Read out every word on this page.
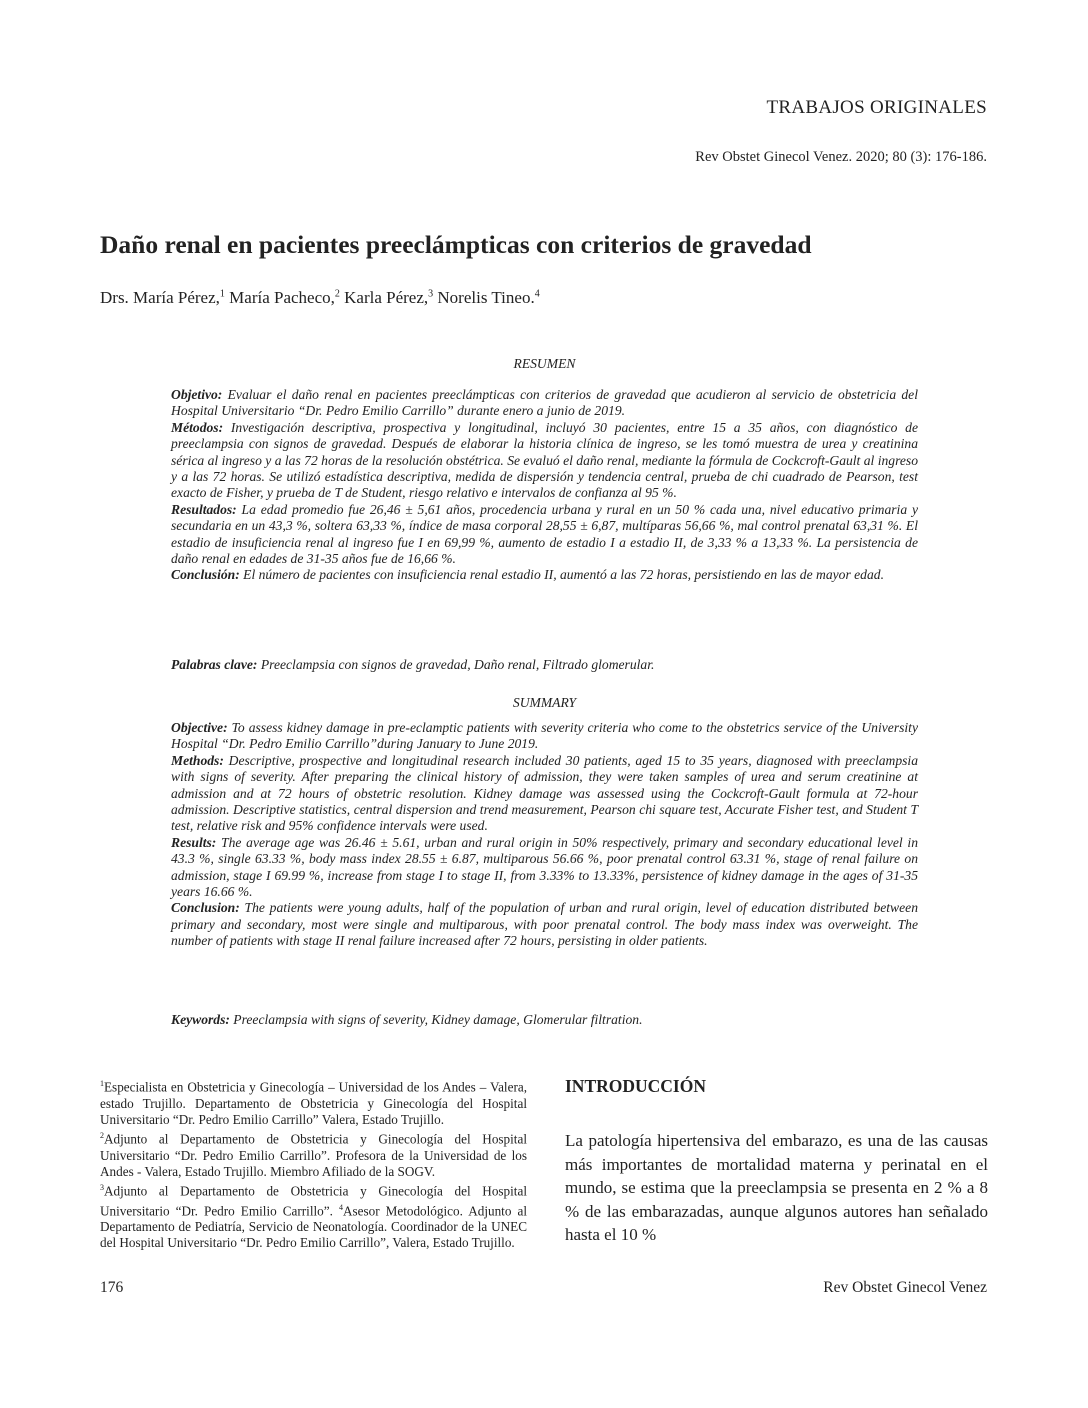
TRABAJOS ORIGINALES
Rev Obstet Ginecol Venez. 2020; 80 (3): 176-186.
Daño renal en pacientes preeclámpticas con criterios de gravedad
Drs. María Pérez,$^1$ María Pacheco,$^2$ Karla Pérez,$^3$ Norelis Tineo.$^4$
RESUMEN

Objetivo: Evaluar el daño renal en pacientes preeclámpticas con criterios de gravedad que acudieron al servicio de obstetricia del Hospital Universitario “Dr. Pedro Emilio Carrillo” durante enero a junio de 2019.

Métodos: Investigación descriptiva, prospectiva y longitudinal, incluyó 30 pacientes, entre 15 a 35 años, con diagnóstico de preeclampsia con signos de gravedad. Después de elaborar la historia clínica de ingreso, se les tomó muestra de urea y creatinina sérica al ingreso y a las 72 horas de la resolución obstétrica. Se evaluó el daño renal, mediante la fórmula de Cockcroft-Gault al ingreso y a las 72 horas. Se utilizó estadística descriptiva, medida de dispersión y tendencia central, prueba de chi cuadrado de Pearson, test exacto de Fisher, y prueba de T de Student, riesgo relativo e intervalos de confianza al 95 %.

Resultados: La edad promedio fue 26,46 ± 5,61 años, procedencia urbana y rural en un 50 % cada una, nivel educativo primaria y secundaria en un 43,3 %, soltera 63,33 %, índice de masa corporal 28,55 ± 6,87, multíparas 56,66 %, mal control prenatal 63,31 %. El estadio de insuficiencia renal al ingreso fue I en 69,99 %, aumento de estadio I a estadio II, de 3,33 % a 13,33 %. La persistencia de daño renal en edades de 31-35 años fue de 16,66 %.

Conclusión: El número de pacientes con insuficiencia renal estadio II, aumentó a las 72 horas, persistiendo en las de mayor edad.

Palabras clave: Preeclampsia con signos de gravedad, Daño renal, Filtrado glomerular.
SUMMARY

Objective: To assess kidney damage in pre-eclamptic patients with severity criteria who come to the obstetrics service of the University Hospital “Dr. Pedro Emilio Carrillo”during January to June 2019.

Methods: Descriptive, prospective and longitudinal research included 30 patients, aged 15 to 35 years, diagnosed with preeclampsia with signs of severity. After preparing the clinical history of admission, they were taken samples of urea and serum creatinine at admission and at 72 hours of obstetric resolution. Kidney damage was assessed using the Cockcroft-Gault formula at 72-hour admission. Descriptive statistics, central dispersion and trend measurement, Pearson chi square test, Accurate Fisher test, and Student T test, relative risk and 95% confidence intervals were used.

Results: The average age was 26.46 ± 5.61, urban and rural origin in 50% respectively, primary and secondary educational level in 43.3 %, single 63.33 %, body mass index 28.55 ± 6.87, multiparous 56.66 %, poor prenatal control 63.31 %, stage of renal failure on admission, stage I 69.99 %, increase from stage I to stage II, from 3.33% to 13.33%, persistence of kidney damage in the ages of 31-35 years 16.66 %.

Conclusion: The patients were young adults, half of the population of urban and rural origin, level of education distributed between primary and secondary, most were single and multiparous, with poor prenatal control. The body mass index was overweight. The number of patients with stage II renal failure increased after 72 hours, persisting in older patients.

Keywords: Preeclampsia with signs of severity, Kidney damage, Glomerular filtration.

$^1$Especialista en Obstetricia y Ginecología – Universidad de los Andes – Valera, estado Trujillo. Departamento de Obstetricia y Ginecología del Hospital Universitario “Dr. Pedro Emilio Carrillo” Valera, Estado Trujillo.

$^2$Adjunto al Departamento de Obstetricia y Ginecología del Hospital Universitario “Dr. Pedro Emilio Carrillo”. Profesora de la Universidad de los Andes - Valera, Estado Trujillo. Miembro Afiliado de la SOGV.

$^3$Adjunto al Departamento de Obstetricia y Ginecología del Hospital Universitario “Dr. Pedro Emilio Carrillo”. $^4$Asesor Metodológico. Adjunto al Departamento de Pediatría, Servicio de Neonatología. Coordinador de la UNEC del Hospital Universitario “Dr. Pedro Emilio Carrillo”, Valera, Estado Trujillo.

INTRODUCCIÓN
La patología hipertensiva del embarazo, es una de las causas más importantes de mortalidad materna y perinatal en el mundo, se estima que la preeclampsia se presenta en 2 % a 8 % de las embarazadas, aunque algunos autores han señalado hasta el 10 %
176	Rev Obstet Ginecol Venez
